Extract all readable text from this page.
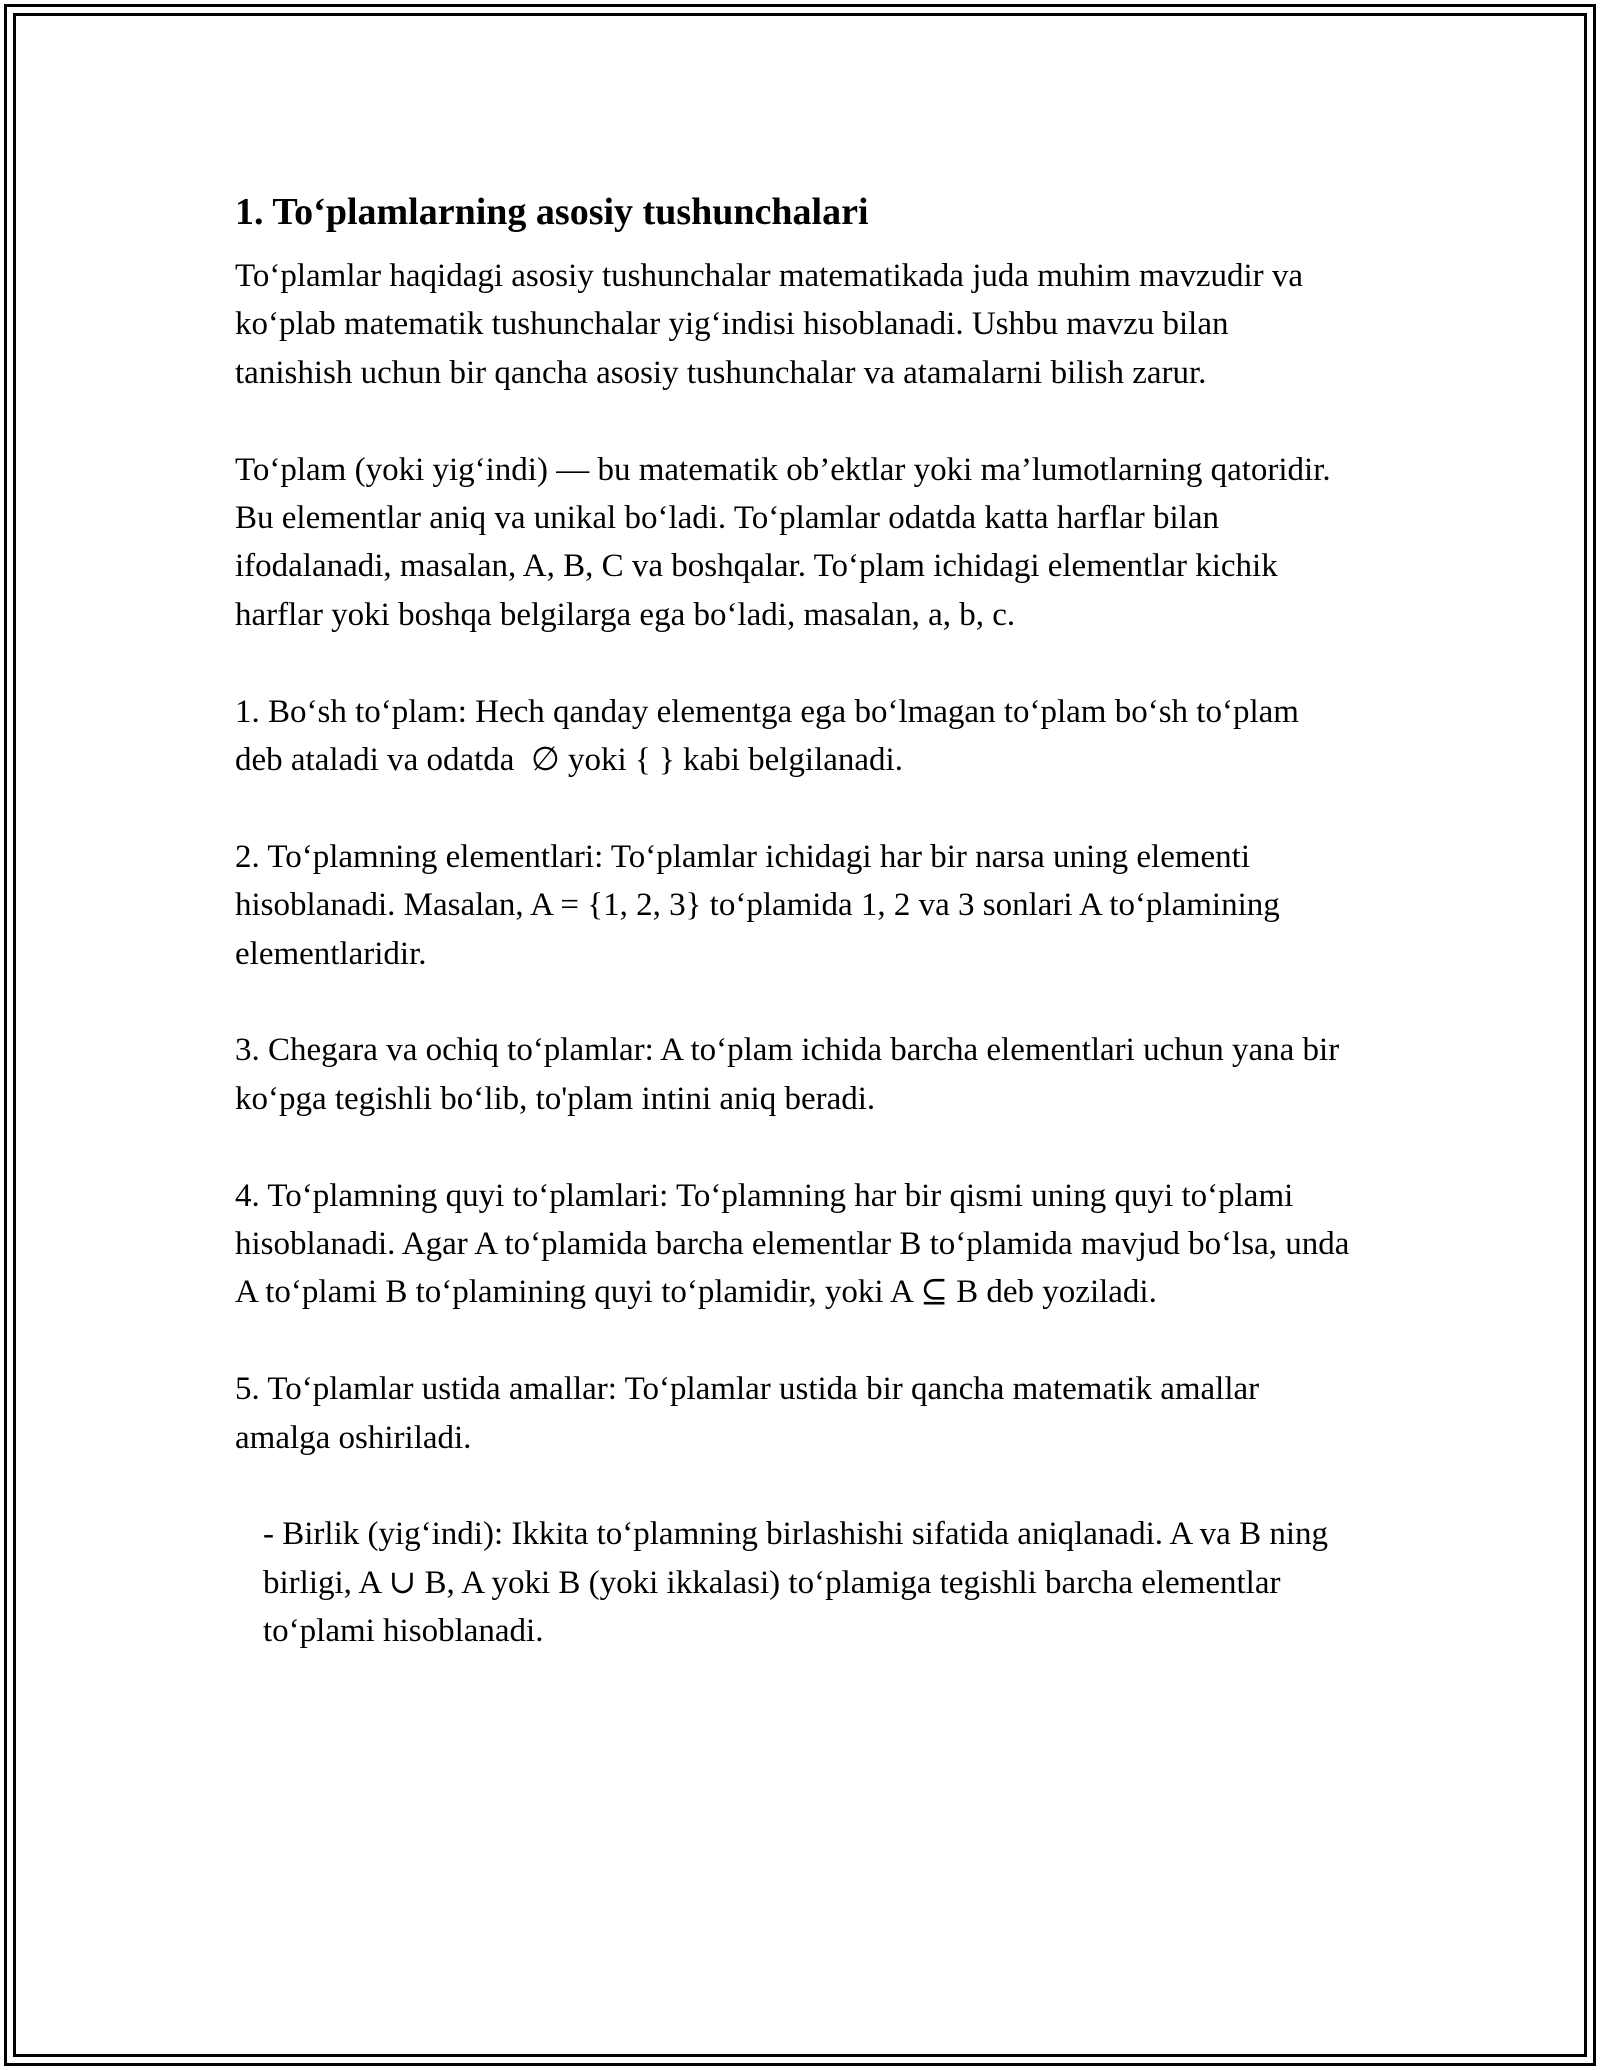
1. To‘plamlarning asosiy tushunchalari

To‘plamlar haqidagi asosiy tushunchalar matematikada juda muhim mavzudir va ko‘plab matematik tushunchalar yig‘indisi hisoblanadi. Ushbu mavzu bilan tanishish uchun bir qancha asosiy tushunchalar va atamalarni bilish zarur.

To‘plam (yoki yig‘indi) — bu matematik ob’ektlar yoki ma’lumotlarning qatoridir. Bu elementlar aniq va unikal bo‘ladi. To‘plamlar odatda katta harflar bilan ifodalanadi, masalan, A, B, C va boshqalar. To‘plam ichidagi elementlar kichik harflar yoki boshqa belgilarga ega bo‘ladi, masalan, a, b, c.

1. Bo‘sh to‘plam: Hech qanday elementga ega bo‘lmagan to‘plam bo‘sh to‘plam deb ataladi va odatda  ∅ yoki { } kabi belgilanadi.

2. To‘plamning elementlari: To‘plamlar ichidagi har bir narsa uning elementi hisoblanadi. Masalan, A = {1, 2, 3} to‘plamida 1, 2 va 3 sonlari A to‘plamining elementlaridir.

3. Chegara va ochiq to‘plamlar: A to‘plam ichida barcha elementlari uchun yana bir ko‘pga tegishli bo‘lib, to'plam intini aniq beradi.

4. To‘plamning quyi to‘plamlari: To‘plamning har bir qismi uning quyi to‘plami hisoblanadi. Agar A to‘plamida barcha elementlar B to‘plamida mavjud bo‘lsa, unda A to‘plami B to‘plamining quyi to‘plamidir, yoki A ⊆ B deb yoziladi.

5. To‘plamlar ustida amallar: To‘plamlar ustida bir qancha matematik amallar amalga oshiriladi.

- Birlik (yig‘indi): Ikkita to‘plamning birlashishi sifatida aniqlanadi. A va B ning birligi, A ∪ B, A yoki B (yoki ikkalasi) to‘plamiga tegishli barcha elementlar to‘plami hisoblanadi.
